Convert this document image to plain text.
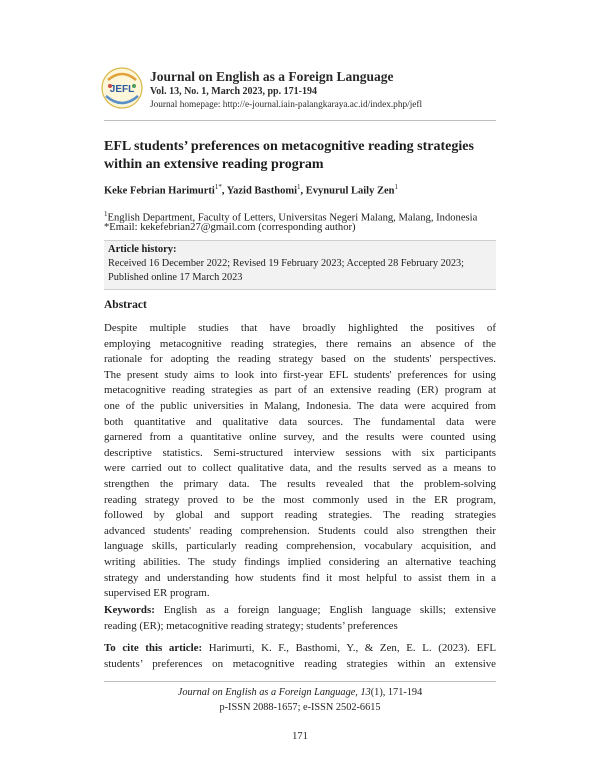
JEFL
Journal on English as a Foreign Language
Vol. 13, No. 1, March 2023, pp. 171-194
Journal homepage: http://e-journal.iain-palangkaraya.ac.id/index.php/jefl
EFL students’ preferences on metacognitive reading strategies
within an extensive reading program
Keke Febrian Harimurti$^{1*}$, Yazid Basthomi$^1$, Evynurul Laily Zen$^1$
$^1$English Department, Faculty of Letters, Universitas Negeri Malang, Malang, Indonesia
*Email: kekefebrian27@gmail.com (corresponding author)
Article history:
Received 16 December 2022; Revised 19 February 2023; Accepted 28 February 2023;
Published online 17 March 2023
Abstract
Despite multiple studies that have broadly highlighted the positives of
employing metacognitive reading strategies, there remains an absence of the
rationale for adopting the reading strategy based on the students' perspectives.
The present study aims to look into first-year EFL students' preferences for using
metacognitive reading strategies as part of an extensive reading (ER) program at
one of the public universities in Malang, Indonesia. The data were acquired from
both quantitative and qualitative data sources. The fundamental data were
garnered from a quantitative online survey, and the results were counted using
descriptive statistics. Semi-structured interview sessions with six participants
were carried out to collect qualitative data, and the results served as a means to
strengthen the primary data. The results revealed that the problem-solving
reading strategy proved to be the most commonly used in the ER program,
followed by global and support reading strategies. The reading strategies
advanced students' reading comprehension. Students could also strengthen their
language skills, particularly reading comprehension, vocabulary acquisition, and
writing abilities. The study findings implied considering an alternative teaching
strategy and understanding how students find it most helpful to assist them in a
supervised ER program.
Keywords: English as a foreign language; English language skills; extensive
reading (ER); metacognitive reading strategy; students’ preferences
To cite this article: Harimurti, K. F., Basthomi, Y., & Zen, E. L. (2023). EFL
students’ preferences on metacognitive reading strategies within an extensive
Journal on English as a Foreign Language, 13(1), 171-194
p-ISSN 2088-1657; e-ISSN 2502-6615
171
